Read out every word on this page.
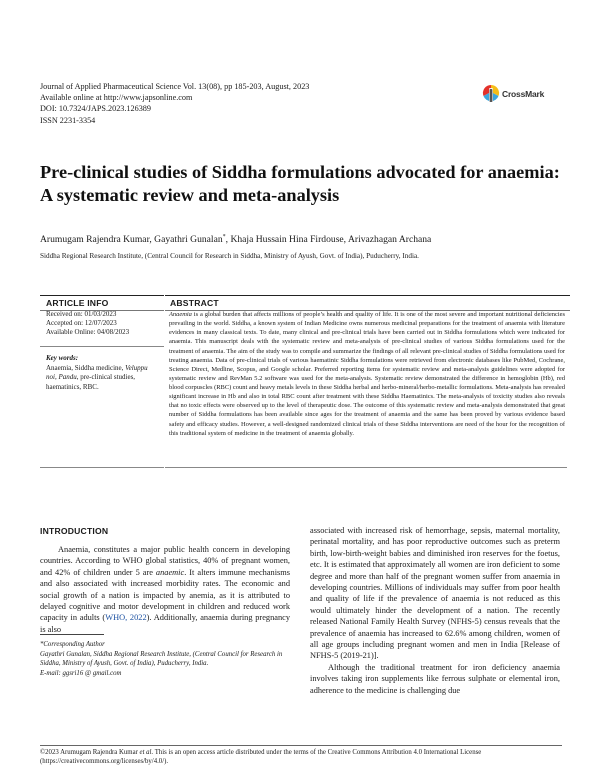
Journal of Applied Pharmaceutical Science Vol. 13(08), pp 185-203, August, 2023
Available online at http://www.japsonline.com
DOI: 10.7324/JAPS.2023.126389
ISSN 2231-3354
CrossMark
Pre-clinical studies of Siddha formulations advocated for anaemia:
A systematic review and meta-analysis
Arumugam Rajendra Kumar, Gayathri Gunalan*, Khaja Hussain Hina Firdouse, Arivazhagan Archana
Siddha Regional Research Institute, (Central Council for Research in Siddha, Ministry of Ayush, Govt. of India), Puducherry, India.
ARTICLE INFO	ABSTRACT
Received on: 01/03/2023
Accepted on: 12/07/2023
Available Online: 04/08/2023
Key words:
Anaemia, Siddha medicine, Veluppu noi, Pandu, pre-clinical studies, haematinics, RBC.
Anaemia is a global burden that affects millions of people’s health and quality of life. It is one of the most severe and important nutritional deficiencies prevailing in the world. Siddha, a known system of Indian Medicine owns numerous medicinal preparations for the treatment of anaemia with literature evidences in many classical texts. To date, many clinical and pre-clinical trials have been carried out in Siddha formulations which were indicated for anaemia. This manuscript deals with the systematic review and meta-analysis of pre-clinical studies of various Siddha formulations used for the treatment of anaemia. The aim of the study was to compile and summarize the findings of all relevant pre-clinical studies of Siddha formulations used for treating anaemia. Data of pre-clinical trials of various haematinic Siddha formulations were retrieved from electronic databases like PubMed, Cochrane, Science Direct, Medline, Scopus, and Google scholar. Preferred reporting items for systematic review and meta-analysis guidelines were adopted for systematic review and RevMan 5.2 software was used for the meta-analysis. Systematic review demonstrated the difference in hemoglobin (Hb), red blood corpuscles (RBC) count and heavy metals levels in these Siddha herbal and herbo-mineral/herbo-metallic formulations. Meta-analysis has revealed significant increase in Hb and also in total RBC count after treatment with these Siddha Haematinics. The meta-analysis of toxicity studies also reveals that no toxic effects were observed up to the level of therapeutic dose. The outcome of this systematic review and meta-analysis demonstrated that great number of Siddha formulations has been available since ages for the treatment of anaemia and the same has been proved by various evidence based safety and efficacy studies. However, a well-designed randomized clinical trials of these Siddha interventions are need of the hour for the recognition of this traditional system of medicine in the treatment of anaemia globally.
INTRODUCTION

Anaemia, constitutes a major public health concern in developing countries. According to WHO global statistics, 40% of pregnant women, and 42% of children under 5 are anaemic. It alters immune mechanisms and also associated with increased morbidity rates. The economic and social growth of a nation is impacted by anemia, as it is attributed to delayed cognitive and motor development in children and reduced work capacity in adults (WHO, 2022). Additionally, anaemia during pregnancy is also

associated with increased risk of hemorrhage, sepsis, maternal mortality, perinatal mortality, and has poor reproductive outcomes such as preterm birth, low-birth-weight babies and diminished iron reserves for the foetus, etc. It is estimated that approximately all women are iron deficient to some degree and more than half of the pregnant women suffer from anaemia in developing countries. Millions of individuals may suffer from poor health and quality of life if the prevalence of anaemia is not reduced as this would ultimately hinder the development of a nation. The recently released National Family Health Survey (NFHS-5) census reveals that the prevalence of anaemia has increased to 62.6% among children, women of all age groups including pregnant women and men in India [Release of NFHS-5 (2019-21)].

Although the traditional treatment for iron deficiency anaemia involves taking iron supplements like ferrous sulphate or elemental iron, adherence to the medicine is challenging due

*Corresponding Author
Gayathri Gunalan, Siddha Regional Research Institute, (Central Council for Research in Siddha, Ministry of Ayush, Govt. of India), Puducherry, India.
E-mail: ggsri16 @ gmail.com
©2023 Arumugam Rajendra Kumar et al. This is an open access article distributed under the terms of the Creative Commons Attribution 4.0 International License (https://creativecommons.org/licenses/by/4.0/).
